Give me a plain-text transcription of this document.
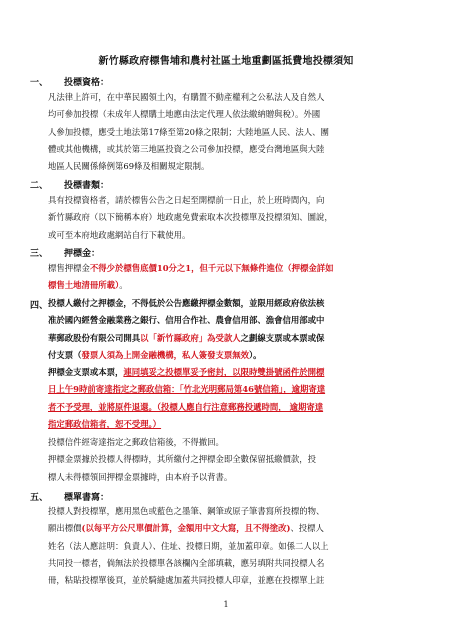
新竹縣政府標售埔和農村社區土地重劃區抵費地投標須知
一、 投標資格：
凡法律上許可，在中華民國領土內，有購置不動產權利之公私法人及自然人
均可參加投標（未成年人標購土地應由法定代理人依法繳納贈與稅）。外國
人參加投標，應受土地法第17條至第20條之限制；大陸地區人民、法人、團
體或其他機構，或其於第三地區投資之公司參加投標，應受台灣地區與大陸
地區人民關係條例第69條及相關規定限制。
二、 投標書類：
具有投標資格者，請於標售公告之日起至開標前一日止，於上班時間內，向
新竹縣政府（以下簡稱本府）地政處免費索取本次投標單及投標須知、圖說，
或可至本府地政處網站自行下載使用。
三、 押標金：
標售押標金不得少於標售底價10分之1，但千元以下無條件進位（押標金詳如
標售土地清冊所載）。
四、 投標人繳付之押標金，不得低於公告應繳押標金數額，並限用經政府依法核
准於國內經營金融業務之銀行、信用合作社、農會信用部、漁會信用部或中
華郵政股份有限公司開具以「新竹縣政府」為受款人之劃線支票或本票或保
付支票（發票人須為上開金融機構，私人簽發支票無效）。
押標金支票或本票，連同填妥之投標單妥予密封，以限時雙掛號函件於開標
日上午9時前寄達指定之郵政信箱：「竹北光明郵局第46號信箱」，逾期寄達
者不予受理，並將原件退還。（投標人應自行注意郵務投遞時間， 逾期寄達
指定郵政信箱者，恕不受理。）
投標信件經寄達指定之郵政信箱後，不得撤回。
押標金票據於投標人得標時，其所繳付之押標金即全數保留抵繳價款，投
標人未得標領回押標金票據時，由本府予以背書。
五、 標單書寫：
投標人對投標單，應用黑色或藍色之墨筆、鋼筆或原子筆書寫所投標的物、
願出標價(以每平方公尺單價計算，金額用中文大寫，且不得塗改)、投標人
姓名（法人應註明：負責人）、住址、投標日期，並加蓋印章。如係二人以上
共同投一標者，倘無法於投標單各該欄內全部填載，應另填附共同投標人名
冊，粘貼投標單後頁，並於騎縫處加蓋共同投標人印章，並應在投標單上註
1
